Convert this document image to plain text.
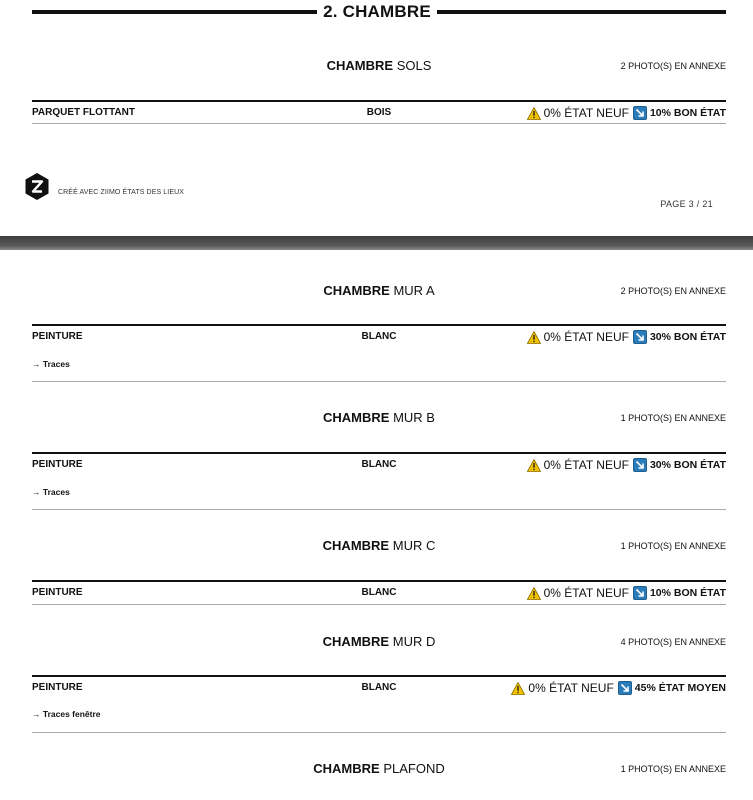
2. CHAMBRE
CHAMBRE SOLS	2 PHOTO(S) EN ANNEXE
PARQUET FLOTTANT	BOIS	0% ÉTAT NEUF 10% BON ÉTAT
CRÉÉ AVEC ZIIMO ÉTATS DES LIEUX
PAGE 3 / 21
CHAMBRE MUR A	2 PHOTO(S) EN ANNEXE
PEINTURE	BLANC	0% ÉTAT NEUF 30% BON ÉTAT
→ Traces
CHAMBRE MUR B	1 PHOTO(S) EN ANNEXE
PEINTURE	BLANC	0% ÉTAT NEUF 30% BON ÉTAT
→ Traces
CHAMBRE MUR C	1 PHOTO(S) EN ANNEXE
PEINTURE	BLANC	0% ÉTAT NEUF 10% BON ÉTAT
CHAMBRE MUR D	4 PHOTO(S) EN ANNEXE
PEINTURE	BLANC	0% ÉTAT NEUF 45% ÉTAT MOYEN
→ Traces fenêtre
CHAMBRE PLAFOND	1 PHOTO(S) EN ANNEXE
